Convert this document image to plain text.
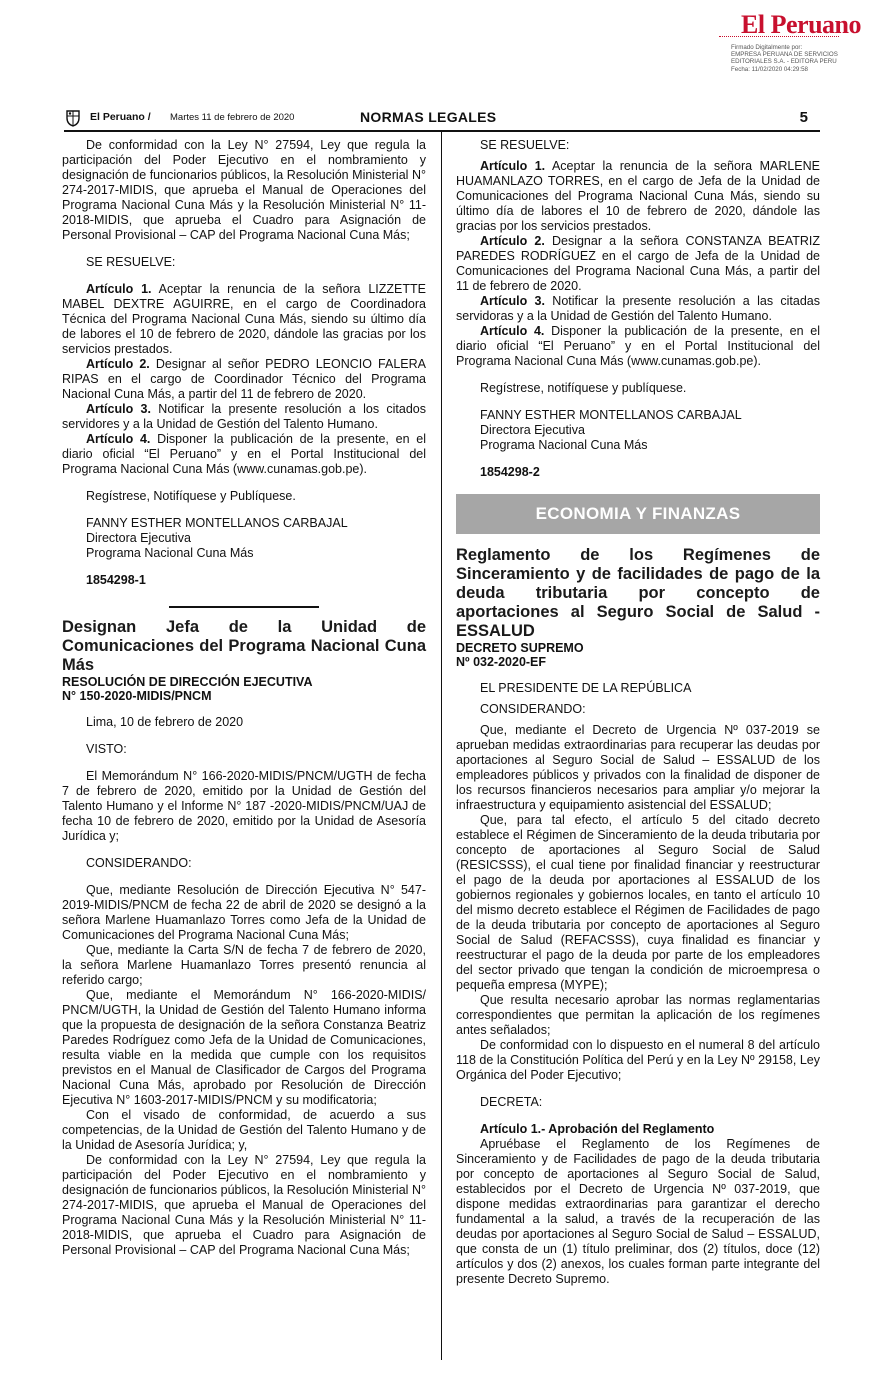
El Peruano
Firmado Digitalmente por:
EMPRESA PERUANA DE SERVICIOS
EDITORIALES S.A. - EDITORA PERU
Fecha: 11/02/2020 04:29:58
El Peruano / Martes 11 de febrero de 2020	NORMAS LEGALES	5

De conformidad con la Ley N° 27594, Ley que regula la participación del Poder Ejecutivo en el nombramiento y designación de funcionarios públicos, la Resolución Ministerial N° 274-2017-MIDIS, que aprueba el Manual de Operaciones del Programa Nacional Cuna Más y la Resolución Ministerial N° 11-2018-MIDIS, que aprueba el Cuadro para Asignación de Personal Provisional – CAP del Programa Nacional Cuna Más;

SE RESUELVE:

Artículo 1. Aceptar la renuncia de la señora LIZZETTE MABEL DEXTRE AGUIRRE, en el cargo de Coordinadora Técnica del Programa Nacional Cuna Más, siendo su último día de labores el 10 de febrero de 2020, dándole las gracias por los servicios prestados.

Artículo 2. Designar al señor PEDRO LEONCIO FALERA RIPAS en el cargo de Coordinador Técnico del Programa Nacional Cuna Más, a partir del 11 de febrero de 2020.

Artículo 3. Notificar la presente resolución a los citados servidores y a la Unidad de Gestión del Talento Humano.

Artículo 4. Disponer la publicación de la presente, en el diario oficial “El Peruano” y en el Portal Institucional del Programa Nacional Cuna Más (www.cunamas.gob.pe).

Regístrese, Notifíquese y Publíquese.

FANNY ESTHER MONTELLANOS CARBAJAL
Directora Ejecutiva
Programa Nacional Cuna Más

1854298-1

Designan Jefa de la Unidad de Comunicaciones del Programa Nacional Cuna Más

RESOLUCIÓN DE DIRECCIÓN EJECUTIVA

N° 150-2020-MIDIS/PNCM

Lima, 10 de febrero de 2020

VISTO:

El Memorándum N° 166-2020-MIDIS/PNCM/UGTH de fecha 7 de febrero de 2020, emitido por la Unidad de Gestión del Talento Humano y el Informe N° 187 -2020-MIDIS/PNCM/UAJ de fecha 10 de febrero de 2020, emitido por la Unidad de Asesoría Jurídica y;

CONSIDERANDO:

Que, mediante Resolución de Dirección Ejecutiva N° 547-2019-MIDIS/PNCM de fecha 22 de abril de 2020 se designó a la señora Marlene Huamanlazo Torres como Jefa de la Unidad de Comunicaciones del Programa Nacional Cuna Más;

Que, mediante la Carta S/N de fecha 7 de febrero de 2020, la señora Marlene Huamanlazo Torres presentó renuncia al referido cargo;

Que, mediante el Memorándum N° 166-2020-MIDIS/ PNCM/UGTH, la Unidad de Gestión del Talento Humano informa que la propuesta de designación de la señora Constanza Beatriz Paredes Rodríguez como Jefa de la Unidad de Comunicaciones, resulta viable en la medida que cumple con los requisitos previstos en el Manual de Clasificador de Cargos del Programa Nacional Cuna Más, aprobado por Resolución de Dirección Ejecutiva N° 1603-2017-MIDIS/PNCM y su modificatoria;

Con el visado de conformidad, de acuerdo a sus competencias, de la Unidad de Gestión del Talento Humano y de la Unidad de Asesoría Jurídica; y,

De conformidad con la Ley N° 27594, Ley que regula la participación del Poder Ejecutivo en el nombramiento y designación de funcionarios públicos, la Resolución Ministerial N° 274-2017-MIDIS, que aprueba el Manual de Operaciones del Programa Nacional Cuna Más y la Resolución Ministerial N° 11-2018-MIDIS, que aprueba el Cuadro para Asignación de Personal Provisional – CAP del Programa Nacional Cuna Más;

SE RESUELVE:

Artículo 1. Aceptar la renuncia de la señora MARLENE HUAMANLAZO TORRES, en el cargo de Jefa de la Unidad de Comunicaciones del Programa Nacional Cuna Más, siendo su último día de labores el 10 de febrero de 2020, dándole las gracias por los servicios prestados.

Artículo 2. Designar a la señora CONSTANZA BEATRIZ PAREDES RODRÍGUEZ en el cargo de Jefa de la Unidad de Comunicaciones del Programa Nacional Cuna Más, a partir del 11 de febrero de 2020.

Artículo 3. Notificar la presente resolución a las citadas servidoras y a la Unidad de Gestión del Talento Humano.

Artículo 4. Disponer la publicación de la presente, en el diario oficial “El Peruano” y en el Portal Institucional del Programa Nacional Cuna Más (www.cunamas.gob.pe).

Regístrese, notifíquese y publíquese.

FANNY ESTHER MONTELLANOS CARBAJAL
Directora Ejecutiva
Programa Nacional Cuna Más

1854298-2

ECONOMIA Y FINANZAS

Reglamento de los Regímenes de Sinceramiento y de facilidades de pago de la deuda tributaria por concepto de aportaciones al Seguro Social de Salud - ESSALUD

DECRETO SUPREMO

Nº 032-2020-EF

EL PRESIDENTE DE LA REPÚBLICA

CONSIDERANDO:

Que, mediante el Decreto de Urgencia Nº 037-2019 se aprueban medidas extraordinarias para recuperar las deudas por aportaciones al Seguro Social de Salud – ESSALUD de los empleadores públicos y privados con la finalidad de disponer de los recursos financieros necesarios para ampliar y/o mejorar la infraestructura y equipamiento asistencial del ESSALUD;

Que, para tal efecto, el artículo 5 del citado decreto establece el Régimen de Sinceramiento de la deuda tributaria por concepto de aportaciones al Seguro Social de Salud (RESICSSS), el cual tiene por finalidad financiar y reestructurar el pago de la deuda por aportaciones al ESSALUD de los gobiernos regionales y gobiernos locales, en tanto el artículo 10 del mismo decreto establece el Régimen de Facilidades de pago de la deuda tributaria por concepto de aportaciones al Seguro Social de Salud (REFACSSS), cuya finalidad es financiar y reestructurar el pago de la deuda por parte de los empleadores del sector privado que tengan la condición de microempresa o pequeña empresa (MYPE);

Que resulta necesario aprobar las normas reglamentarias correspondientes que permitan la aplicación de los regímenes antes señalados;

De conformidad con lo dispuesto en el numeral 8 del artículo 118 de la Constitución Política del Perú y en la Ley Nº 29158, Ley Orgánica del Poder Ejecutivo;

DECRETA:

Artículo 1.- Aprobación del Reglamento

Apruébase el Reglamento de los Regímenes de Sinceramiento y de Facilidades de pago de la deuda tributaria por concepto de aportaciones al Seguro Social de Salud, establecidos por el Decreto de Urgencia Nº 037-2019, que dispone medidas extraordinarias para garantizar el derecho fundamental a la salud, a través de la recuperación de las deudas por aportaciones al Seguro Social de Salud – ESSALUD, que consta de un (1) título preliminar, dos (2) títulos, doce (12) artículos y dos (2) anexos, los cuales forman parte integrante del presente Decreto Supremo.
